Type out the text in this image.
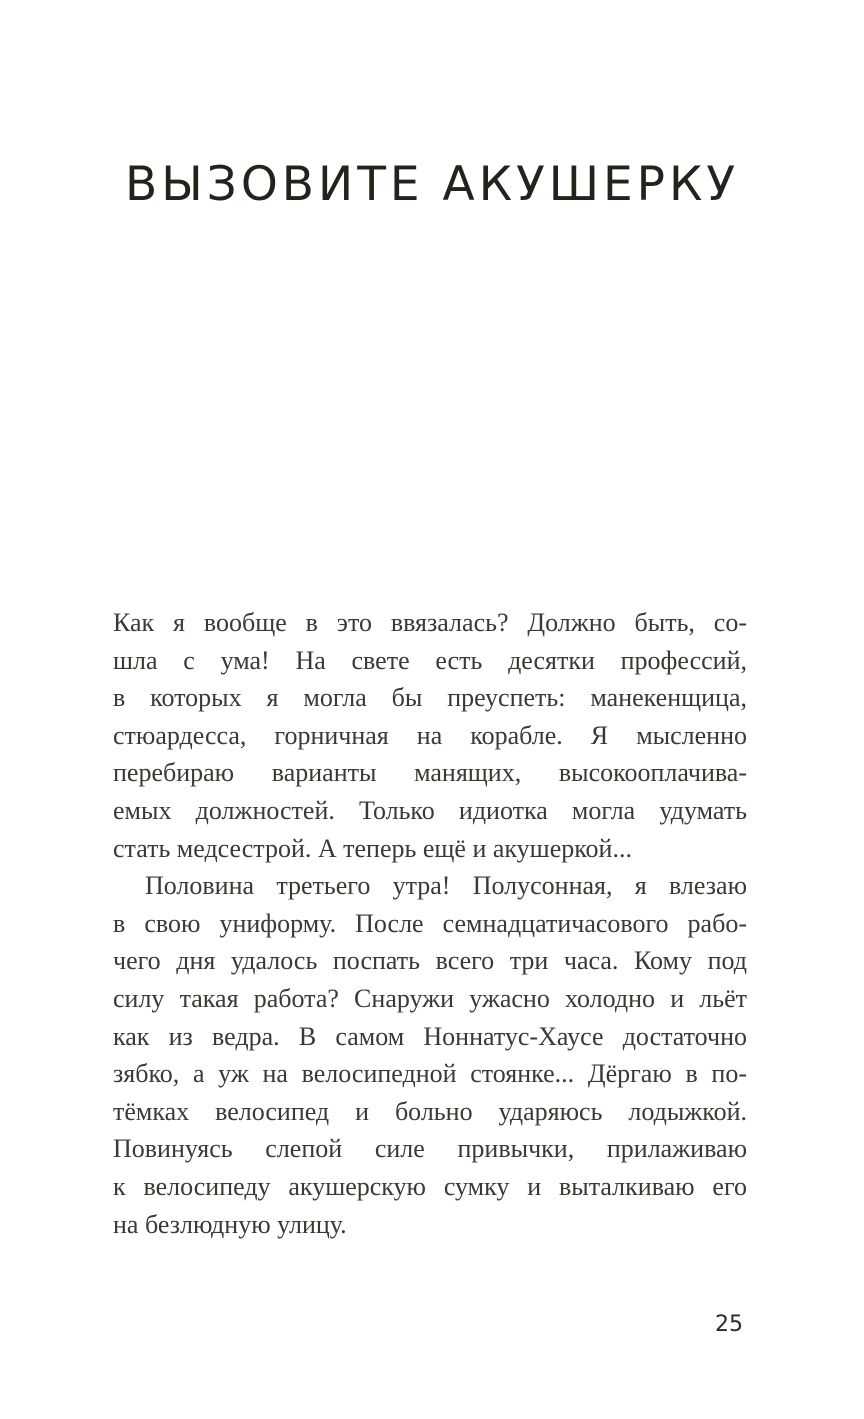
ВЫЗОВИТЕ АКУШЕРКУ

Как я вообще в это ввязалась? Должно быть, со-
шла с ума! На свете есть десятки профессий,
в которых я могла бы преуспеть: манекенщица,
стюардесса, горничная на корабле. Я мысленно
перебираю варианты манящих, высокооплачива-
емых должностей. Только идиотка могла удумать
стать медсестрой. А теперь ещё и акушеркой...

Половина третьего утра! Полусонная, я влезаю
в свою униформу. После семнадцатичасового рабо-
чего дня удалось поспать всего три часа. Кому под
силу такая работа? Снаружи ужасно холодно и льёт
как из ведра. В самом Ноннатус-Хаусе достаточно
зябко, а уж на велосипедной стоянке... Дёргаю в по-
тёмках велосипед и больно ударяюсь лодыжкой.
Повинуясь слепой силе привычки, прилаживаю
к велосипеду акушерскую сумку и выталкиваю его
на безлюдную улицу.

25
